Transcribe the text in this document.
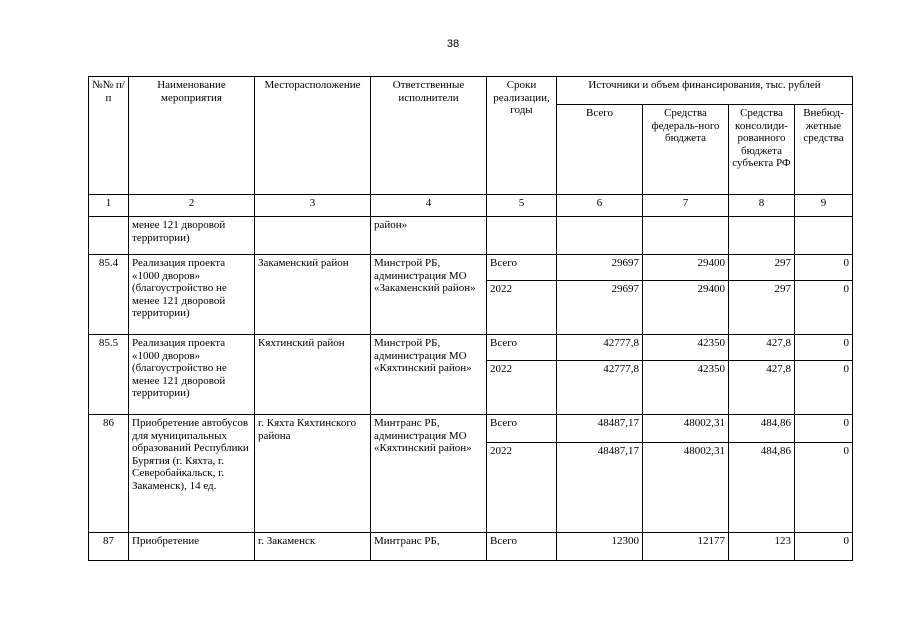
38
№№ п/п	Наименование мероприятия	Месторасположение	Ответственные исполнители	Сроки реализации, годы	Источники и объем финансирования, тыс. рублей			
					Всего	Средства федераль-ного бюджета	Средства консолиди-рованного бюджета субъекта РФ	Внебюд-жетные средства
1	2	3	4	5	6	7	8	9
	менее 121 дворовой территории)		район»					
85.4	Реализация проекта «1000 дворов» (благоустройство не менее 121 дворовой территории)	Закаменский район	Минстрой РБ, администрация МО «Закаменский район»	Всего	29697	29400	297	0
				2022	29697	29400	297	0
85.5	Реализация проекта «1000 дворов» (благоустройство не менее 121 дворовой территории)	Кяхтинский район	Минстрой РБ, администрация МО «Кяхтинский район»	Всего	42777,8	42350	427,8	0
				2022	42777,8	42350	427,8	0
86	Приобретение автобусов для муниципальных образований Республики Бурятия (г. Кяхта, г. Северобайкальск, г. Закаменск), 14 ед.	г. Кяхта Кяхтинского района	Минтранс РБ, администрация МО «Кяхтинский район»	Всего	48487,17	48002,31	484,86	0
				2022	48487,17	48002,31	484,86	0
87	Приобретение	г. Закаменск	Минтранс РБ,	Всего	12300	12177	123	0
